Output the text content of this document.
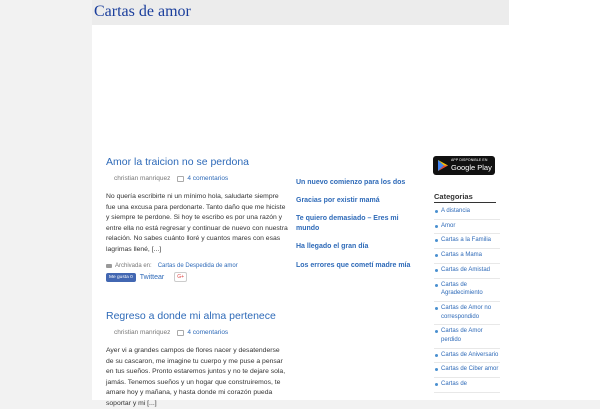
Cartas de amor
Amor la traicion no se perdona
christian manriquez	4 comentarios
No quería escribirte ni un mínimo hola, saludarte siempre fue una excusa para perdonarte. Tanto daño que me hiciste y siempre te perdone. Si hoy te escribo es por una razón y entre ella no está regresar y continuar de nuevo con nuestra relación. No sabes cuánto lloré y cuantos mares con esas lagrimas llené, [...]
Archivada en: Cartas de Despedida de amor
Me gusta 0	Twittear	G+
Regreso a donde mi alma pertenece
christian manriquez	4 comentarios
Ayer vi a grandes campos de flores nacer y desatenderse de su cascaron, me imagine tu cuerpo y me puse a pensar en tus sueños. Pronto estaremos juntos y no te dejare sola, jamás. Tenemos sueños y un hogar que construiremos, te amare hoy y mañana, y hasta donde mi corazón pueda soportar y mi [...]
Un nuevo comienzo para los dos
Gracias por existir mamá
Te quiero demasiado – Eres mi mundo
Ha llegado el gran día
Los errores que cometí madre mía
APP DISPONIBLE EN
Google Play
Categorias
A distancia
Amor
Cartas a la Familia
Cartas a Mama
Cartas de Amistad
Cartas de Agradecimiento
Cartas de Amor no correspondido
Cartas de Amor perdido
Cartas de Aniversario
Cartas de Ciber amor
Cartas de
